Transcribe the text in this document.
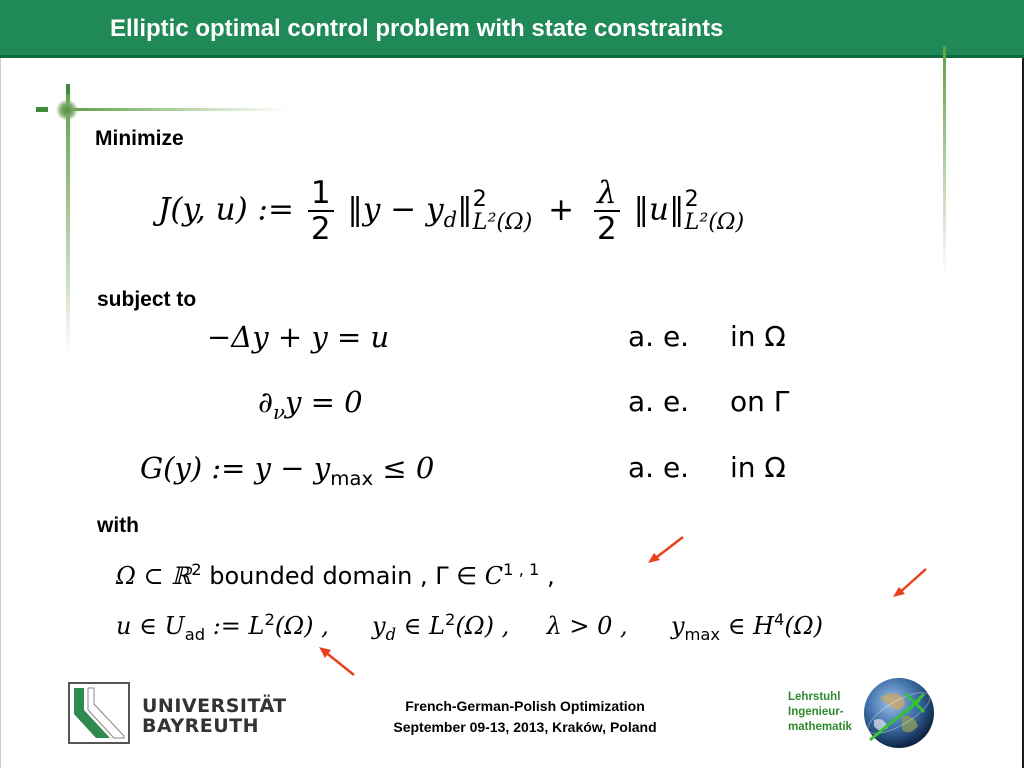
Elliptic optimal control problem with state constraints
Minimize
J(y, u) := $\frac{1}{2}$ ‖y − $y_d‖$ 2
$L^2(\Omega) + \frac{\lambda}{2}$ ‖u‖ 2
L²(Ω)
subject to
−Δy + y = u	a. e. in Ω
$\partial_\nu y = 0$	a. e. on Γ
G(y) := $y - y_{max} \le 0$	a. e. in Ω
with
Ω ⊂ ℝ$^2$ bounded domain , Γ ∈ C$^{1 , 1}$ ,
u ∈ $U_{ad}$ := $L^2(\Omega)$ , $y_d$ ∈ $L^2(\Omega)$ , λ > 0 , $y_{max}$ ∈ $H^4(\Omega)$
UNIVERSITÄT
BAYREUTH
French-German-Polish Optimization
September 09-13, 2013, Kraków, Poland
Lehrstuhl
Ingenieur-
mathematik
